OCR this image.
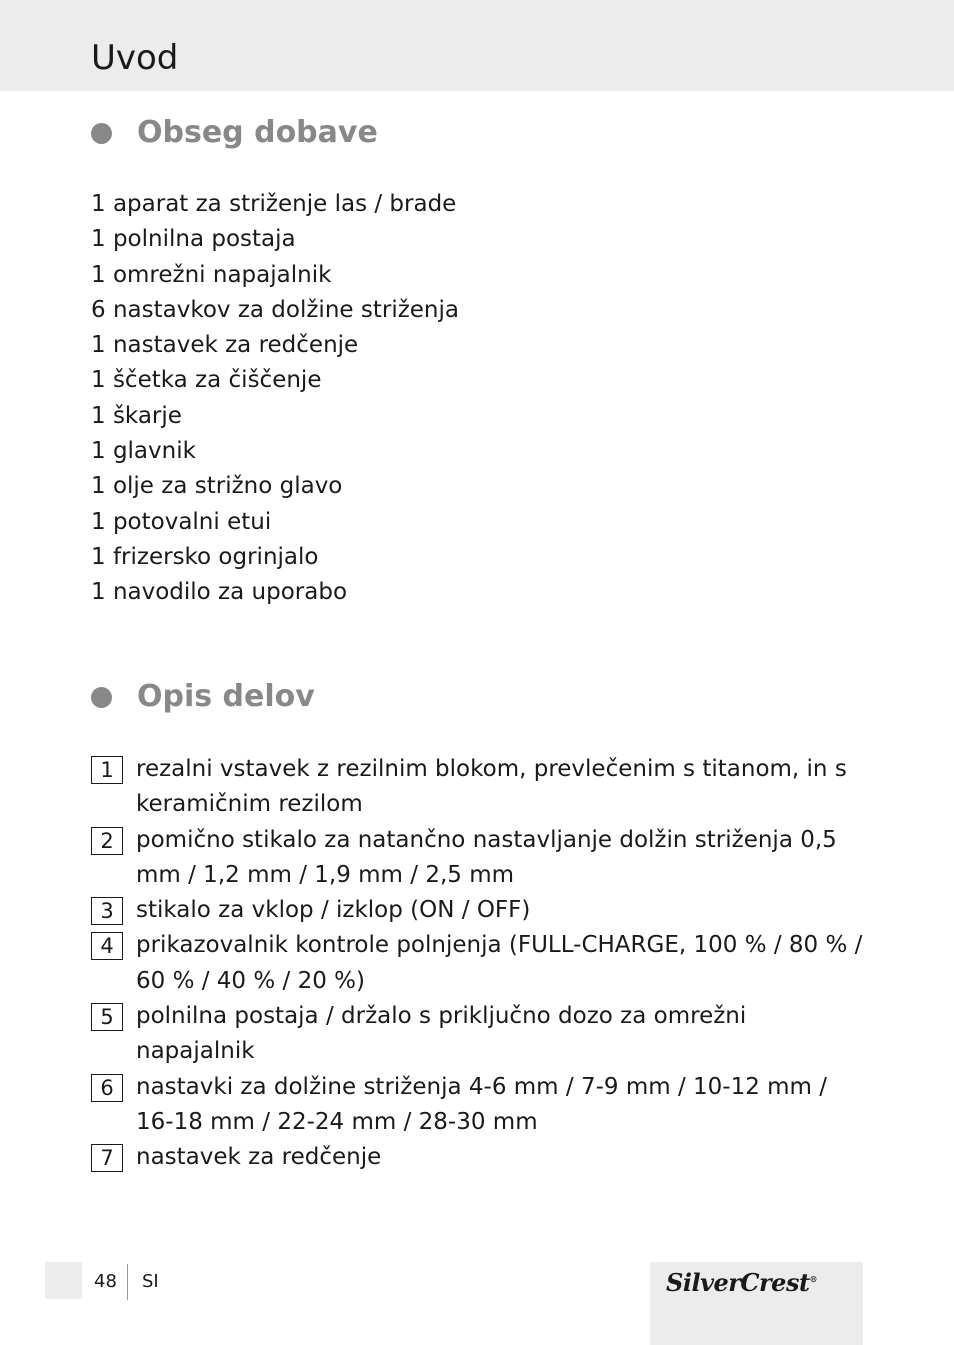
Uvod
Obseg dobave
1 aparat za striženje las / brade
1 polnilna postaja
1 omrežni napajalnik
6 nastavkov za dolžine striženja
1 nastavek za redčenje
1 ščetka za čiščenje
1 škarje
1 glavnik
1 olje za strižno glavo
1 potovalni etui
1 frizersko ogrinjalo
1 navodilo za uporabo
Opis delov
1 rezalni vstavek z rezilnim blokom, prevlečenim s titanom, in s keramičnim rezilom
2 pomično stikalo za natančno nastavljanje dolžin striženja 0,5 mm / 1,2 mm / 1,9 mm / 2,5 mm
3 stikalo za vklop / izklop (ON / OFF)
4 prikazovalnik kontrole polnjenja (FULL-CHARGE, 100 % / 80 % / 60 % / 40 % / 20 %)
5 polnilna postaja / držalo s priključno dozo za omrežni napajalnik
6 nastavki za dolžine striženja 4-6 mm / 7-9 mm / 10-12 mm / 16-18 mm / 22-24 mm / 28-30 mm
7 nastavek za redčenje
48 SI	SilverCrest®
